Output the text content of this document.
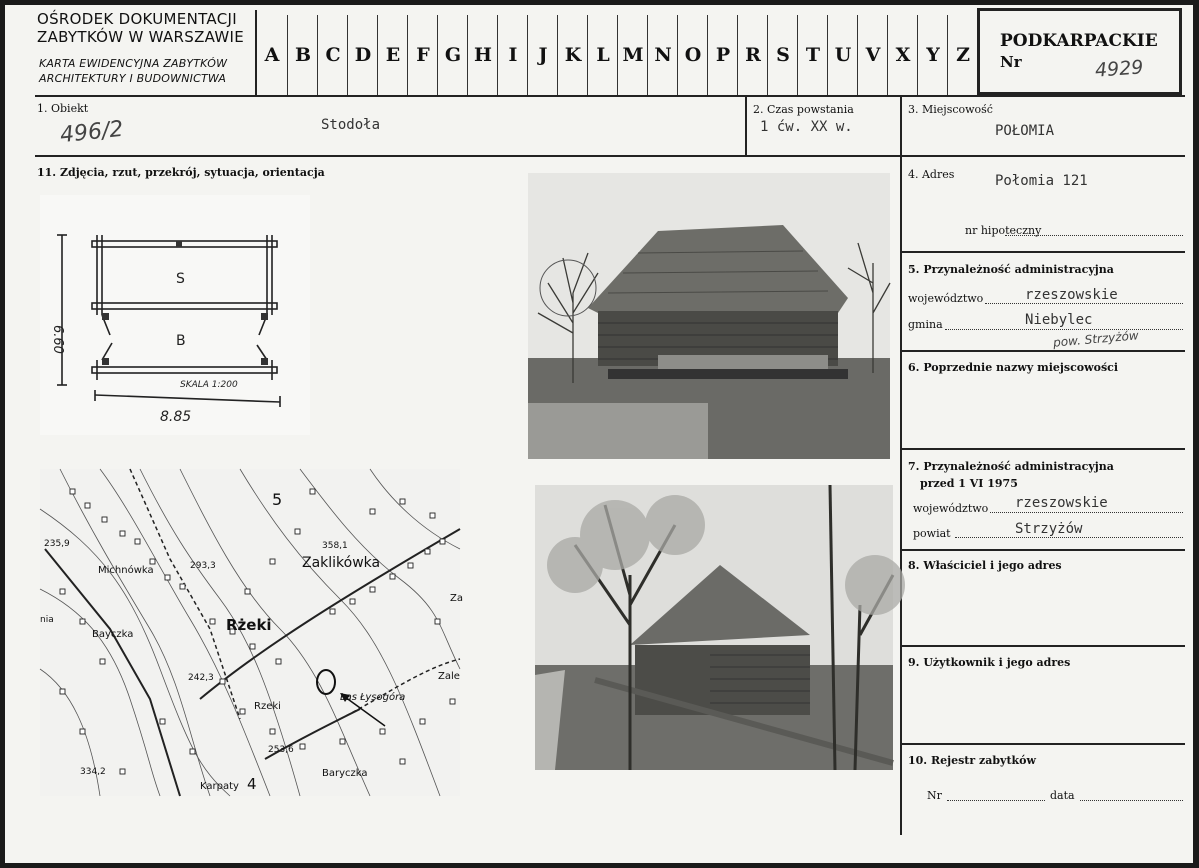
OŚRODEK DOKUMENTACJI
ZABYTKÓW W WARSZAWIE
KARTA EWIDENCYJNA ZABYTKÓW
ARCHITEKTURY I BUDOWNICTWA
A B C D E F G H I	J K L M N O P R S T U V X Y Z
PODKARPACKIE
Nr	4929
1. Obiekt
496/2	Stodoła
2. Czas powstania
1 ćw. XX w.
3. Miejscowość
POŁOMIA
11. Zdjęcia, rzut, przekrój, sytuacja, orientacja
S
B
6.60
SKALA 1:200
8.85
235,9
Michnówka	293,3	Zaklikówka
358,1
5
Bayczka
Rżeki
242,3
Las Łysogóra
Rzeki
Zale
253,6
334,2
Karpaty
Baryczka
4
Za
nia
4. Adres	Połomia 121
nr hipoteczny
5. Przynależność administracyjna
województwo	rzeszowskie
gmina	Niebylec
pow. Strzyżów
6. Poprzednie nazwy miejscowości
7. Przynależność administracyjna
przed 1 VI 1975
województwo rzeszowskie
powiat	Strzyżów
8. Właściciel i jego adres
9. Użytkownik i jego adres
10. Rejestr zabytków
Nr	data
